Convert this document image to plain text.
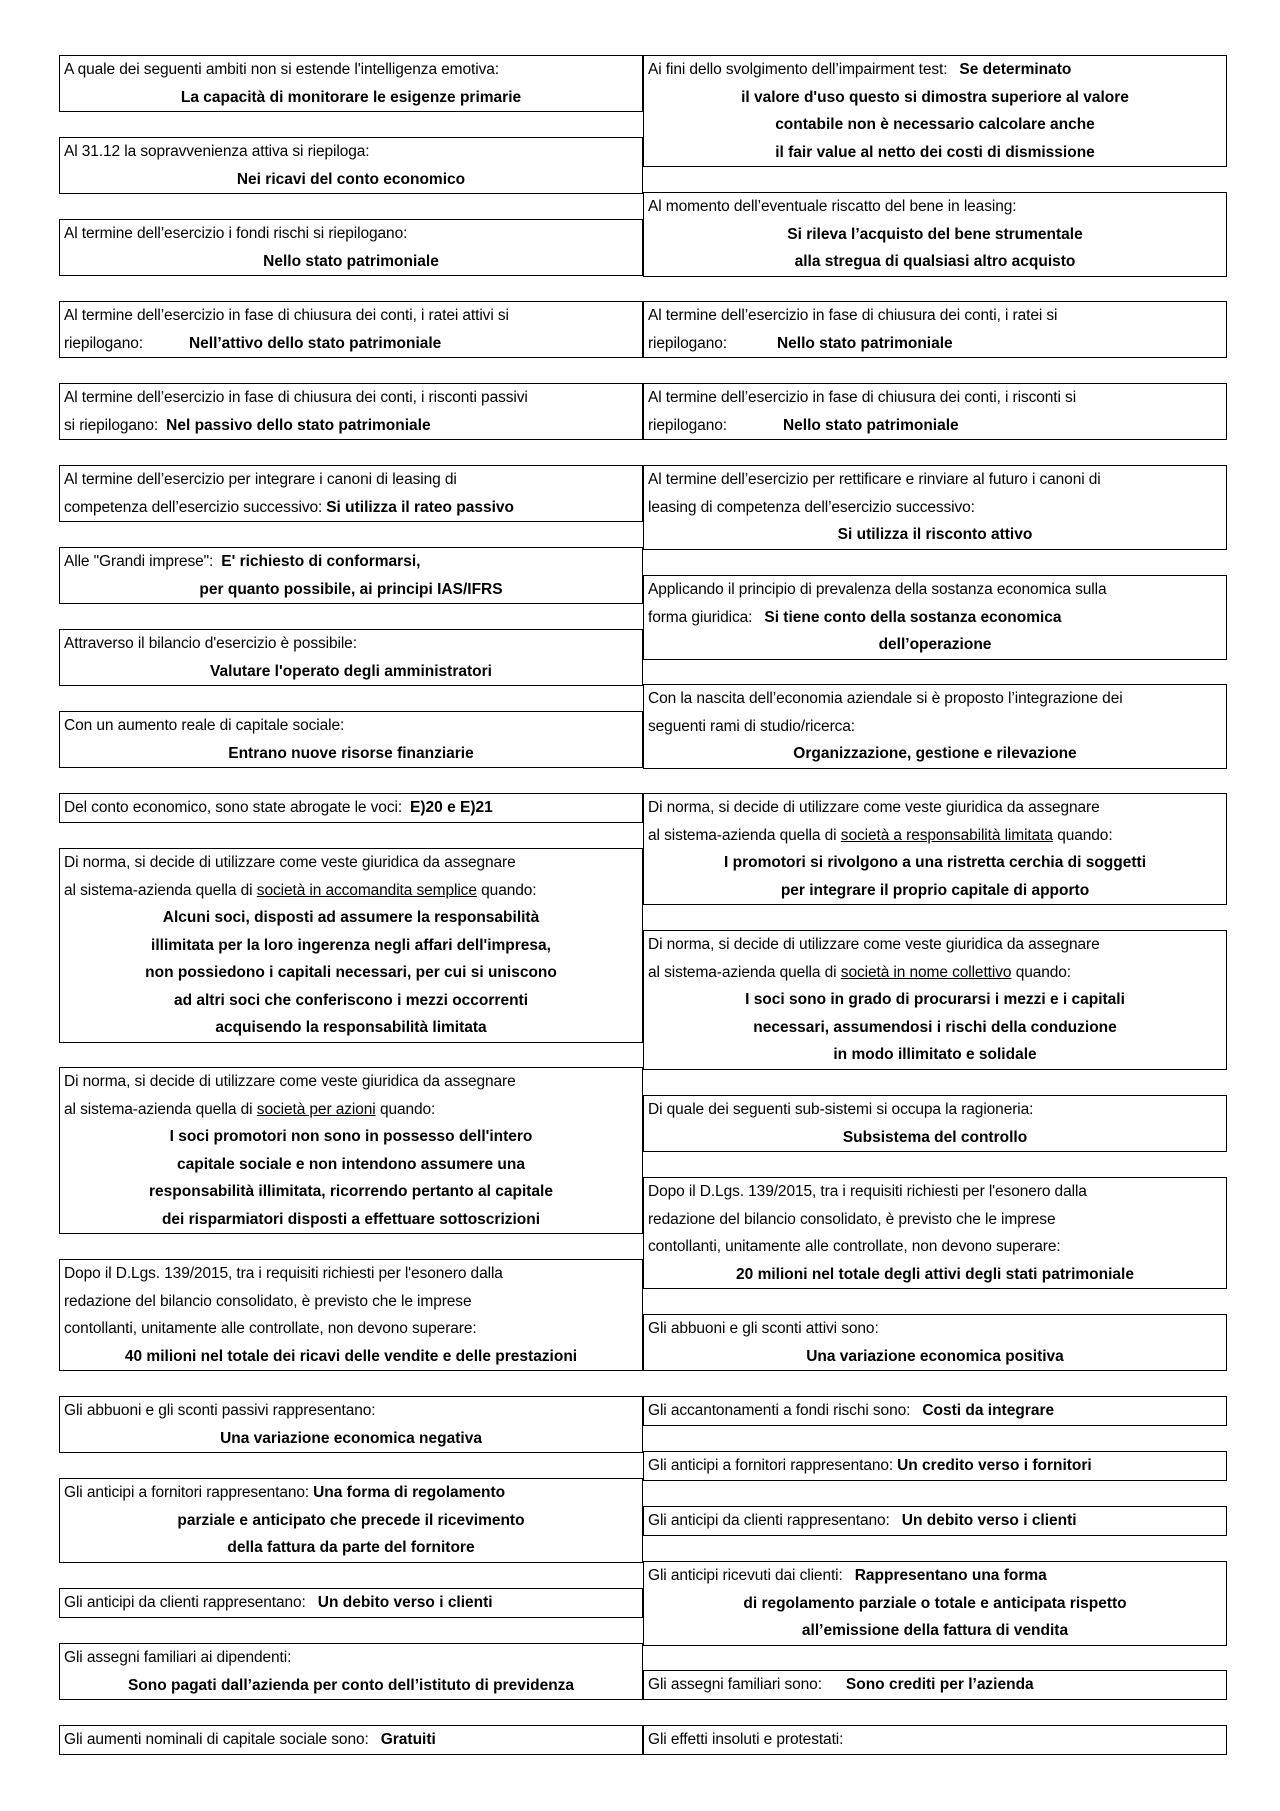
A quale dei seguenti ambiti non si estende l'intelligenza emotiva:
La capacità di monitorare le esigenze primarie
Al 31.12 la sopravvenienza attiva si riepiloga:
Nei ricavi del conto economico
Al termine dell’esercizio i fondi rischi si riepilogano:
Nello stato patrimoniale
Al termine dell’esercizio in fase di chiusura dei conti, i ratei attivi si
riepilogano:	Nell’attivo dello stato patrimoniale
Al termine dell’esercizio in fase di chiusura dei conti, i risconti passivi
si riepilogano: Nel passivo dello stato patrimoniale
Al termine dell’esercizio per integrare i canoni di leasing di
competenza dell’esercizio successivo: Si utilizza il rateo passivo
Alle "Grandi imprese": E' richiesto di conformarsi,
per quanto possibile, ai principi IAS/IFRS
Attraverso il bilancio d'esercizio è possibile:
Valutare l'operato degli amministratori
Con un aumento reale di capitale sociale:
Entrano nuove risorse finanziarie
Del conto economico, sono state abrogate le voci: E)20 e E)21
Di norma, si decide di utilizzare come veste giuridica da assegnare
al sistema-azienda quella di società in accomandita semplice quando:
Alcuni soci, disposti ad assumere la responsabilità
illimitata per la loro ingerenza negli affari dell'impresa,
non possiedono i capitali necessari, per cui si uniscono
ad altri soci che conferiscono i mezzi occorrenti
acquisendo la responsabilità limitata
Di norma, si decide di utilizzare come veste giuridica da assegnare
al sistema-azienda quella di società per azioni quando:
I soci promotori non sono in possesso dell'intero
capitale sociale e non intendono assumere una
responsabilità illimitata, ricorrendo pertanto al capitale
dei risparmiatori disposti a effettuare sottoscrizioni
Dopo il D.Lgs. 139/2015, tra i requisiti richiesti per l'esonero dalla
redazione del bilancio consolidato, è previsto che le imprese
contollanti, unitamente alle controllate, non devono superare:
40 milioni nel totale dei ricavi delle vendite e delle prestazioni
Gli abbuoni e gli sconti passivi rappresentano:
Una variazione economica negativa
Gli anticipi a fornitori rappresentano: Una forma di regolamento
parziale e anticipato che precede il ricevimento
della fattura da parte del fornitore
Gli anticipi da clienti rappresentano: Un debito verso i clienti
Gli assegni familiari ai dipendenti:
Sono pagati dall’azienda per conto dell’istituto di previdenza
Gli aumenti nominali di capitale sociale sono: Gratuiti
Ai fini dello svolgimento dell’impairment test: Se determinato
il valore d'uso questo si dimostra superiore al valore
contabile non è necessario calcolare anche
il fair value al netto dei costi di dismissione
Al momento dell’eventuale riscatto del bene in leasing:
Si rileva l’acquisto del bene strumentale
alla stregua di qualsiasi altro acquisto
Al termine dell’esercizio in fase di chiusura dei conti, i ratei si
riepilogano:	Nello stato patrimoniale
Al termine dell’esercizio in fase di chiusura dei conti, i risconti si
riepilogano:	Nello stato patrimoniale
Al termine dell’esercizio per rettificare e rinviare al futuro i canoni di
leasing di competenza dell’esercizio successivo:
Si utilizza il risconto attivo
Applicando il principio di prevalenza della sostanza economica sulla
forma giuridica: Si tiene conto della sostanza economica
dell’operazione
Con la nascita dell’economia aziendale si è proposto l’integrazione dei
seguenti rami di studio/ricerca:
Organizzazione, gestione e rilevazione
Di norma, si decide di utilizzare come veste giuridica da assegnare
al sistema-azienda quella di società a responsabilità limitata quando:
I promotori si rivolgono a una ristretta cerchia di soggetti
per integrare il proprio capitale di apporto
Di norma, si decide di utilizzare come veste giuridica da assegnare
al sistema-azienda quella di società in nome collettivo quando:
I soci sono in grado di procurarsi i mezzi e i capitali
necessari, assumendosi i rischi della conduzione
in modo illimitato e solidale
Di quale dei seguenti sub-sistemi si occupa la ragioneria:
Subsistema del controllo
Dopo il D.Lgs. 139/2015, tra i requisiti richiesti per l'esonero dalla
redazione del bilancio consolidato, è previsto che le imprese
contollanti, unitamente alle controllate, non devono superare:
20 milioni nel totale degli attivi degli stati patrimoniale
Gli abbuoni e gli sconti attivi sono:
Una variazione economica positiva
Gli accantonamenti a fondi rischi sono: Costi da integrare
Gli anticipi a fornitori rappresentano: Un credito verso i fornitori
Gli anticipi da clienti rappresentano: Un debito verso i clienti
Gli anticipi ricevuti dai clienti: Rappresentano una forma
di regolamento parziale o totale e anticipata rispetto
all’emissione della fattura di vendita
Gli assegni familiari sono: Sono crediti per l’azienda
Gli effetti insoluti e protestati:
